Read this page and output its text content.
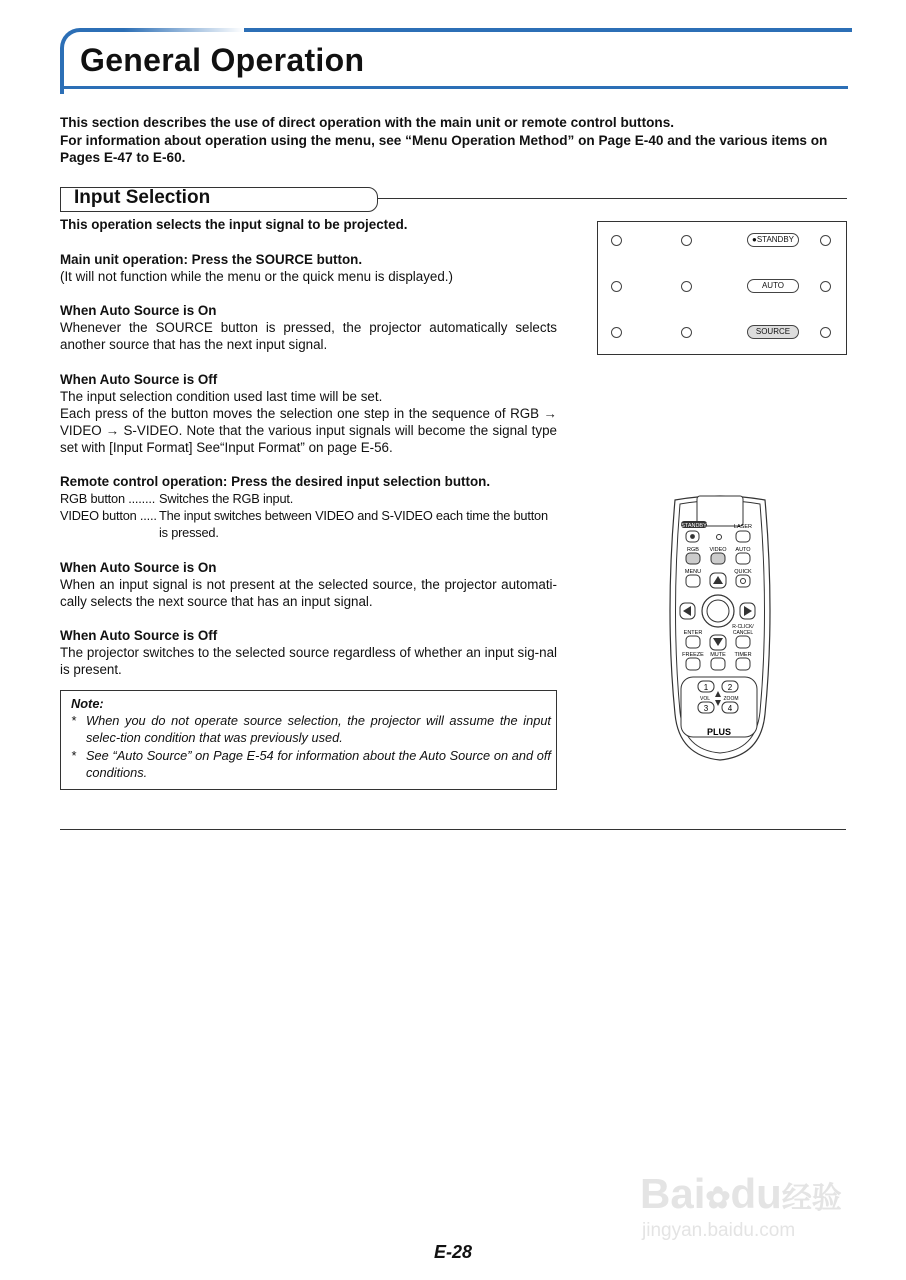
General Operation
This section describes the use of direct operation with the main unit or remote control buttons.
For information about operation using the menu, see “Menu Operation Method” on Page E-40 and the various items on Pages E-47 to E-60.
Input Selection
This operation selects the input signal to be projected.
Main unit operation: Press the SOURCE button.
(It will not function while the menu or the quick menu is displayed.)
When Auto Source is On
Whenever the SOURCE button is pressed, the projector automatically selects another source that has the next input signal.
When Auto Source is Off
The input selection condition used last time will be set.
Each press of the button moves the selection one step in the sequence of RGB → VIDEO → S-VIDEO. Note that the various input signals will become the signal type set with [Input Format] See“Input Format” on page E-56.
Remote control operation: Press the desired input selection button.
RGB button ........ Switches the RGB input.
VIDEO button ..... The input switches between VIDEO and S-VIDEO each time the button is pressed.
When Auto Source is On
When an input signal is not present at the selected source, the projector automati-cally selects the next source that has an input signal.
When Auto Source is Off
The projector switches to the selected source regardless of whether an input sig-nal is present.
Note:
* When you do not operate source selection, the projector will assume the input selec-tion condition that was previously used.
* See “Auto Source” on Page E-54 for information about the Auto Source on and off conditions.
●STANDBY
AUTO
SOURCE
STANDBY	LASER
RGB VIDEO AUTO
MENU	QUICK
ENTER
R-CLICK/
CANCEL
FREEZE MUTE TIMER
1 2
VOL	ZOOM
3 4
PLUS
Bai✿du经验
jingyan.baidu.com
E-28
